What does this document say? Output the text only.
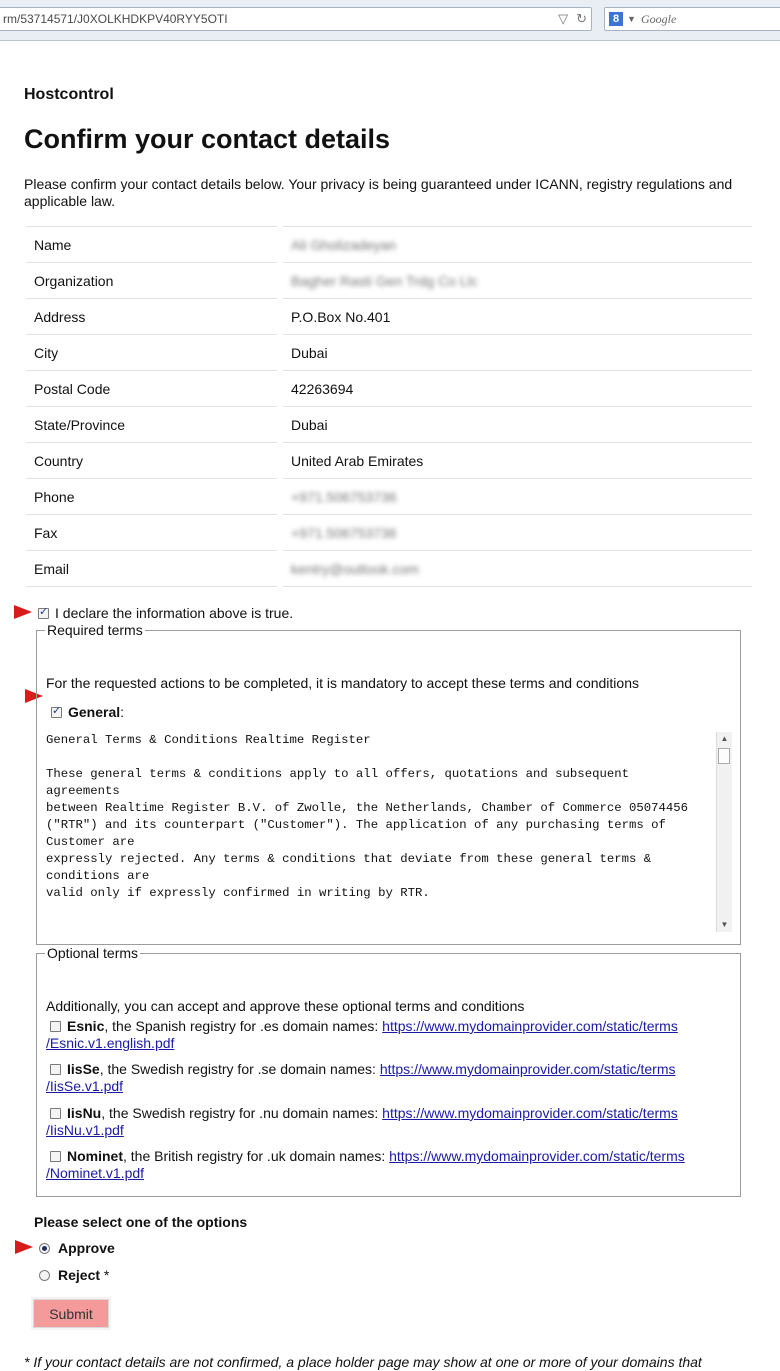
rm/53714571/J0XOLKHDKPV40RYY5OTI	▽ ↻	8 ▼ Google
Hostcontrol
Confirm your contact details
Please confirm your contact details below. Your privacy is being guaranteed under ICANN, registry regulations and applicable law.
Name	Ali Gholizadeyan
Organization	Bagher Rasti Gen Trdg Co Llc
Address	P.O.Box No.401
City	Dubai
Postal Code	42263694
State/Province	Dubai
Country	United Arab Emirates
Phone	+971.506753736
Fax	+971.506753736
Email	kentry@outlook.com
✓I declare the information above is true.
Required terms
For the requested actions to be completed, it is mandatory to accept these terms and conditions
✓General:
General Terms & Conditions Realtime Register

These general terms & conditions apply to all offers, quotations and subsequent agreements
between Realtime Register B.V. of Zwolle, the Netherlands, Chamber of Commerce 05074456
("RTR") and its counterpart ("Customer"). The application of any purchasing terms of Customer are
expressly rejected. Any terms & conditions that deviate from these general terms & conditions are
valid only if expressly confirmed in writing by RTR.
▲
▼
Optional terms
Additionally, you can accept and approve these optional terms and conditions
Esnic, the Spanish registry for .es domain names: https://www.mydomainprovider.com/static/terms
/Esnic.v1.english.pdf
IisSe, the Swedish registry for .se domain names: https://www.mydomainprovider.com/static/terms
/IisSe.v1.pdf
IisNu, the Swedish registry for .nu domain names: https://www.mydomainprovider.com/static/terms
/IisNu.v1.pdf
Nominet, the British registry for .uk domain names: https://www.mydomainprovider.com/static/terms
/Nominet.v1.pdf
Please select one of the options
Approve
Reject *
Submit
* If your contact details are not confirmed, a place holder page may show at one or more of your domains that
